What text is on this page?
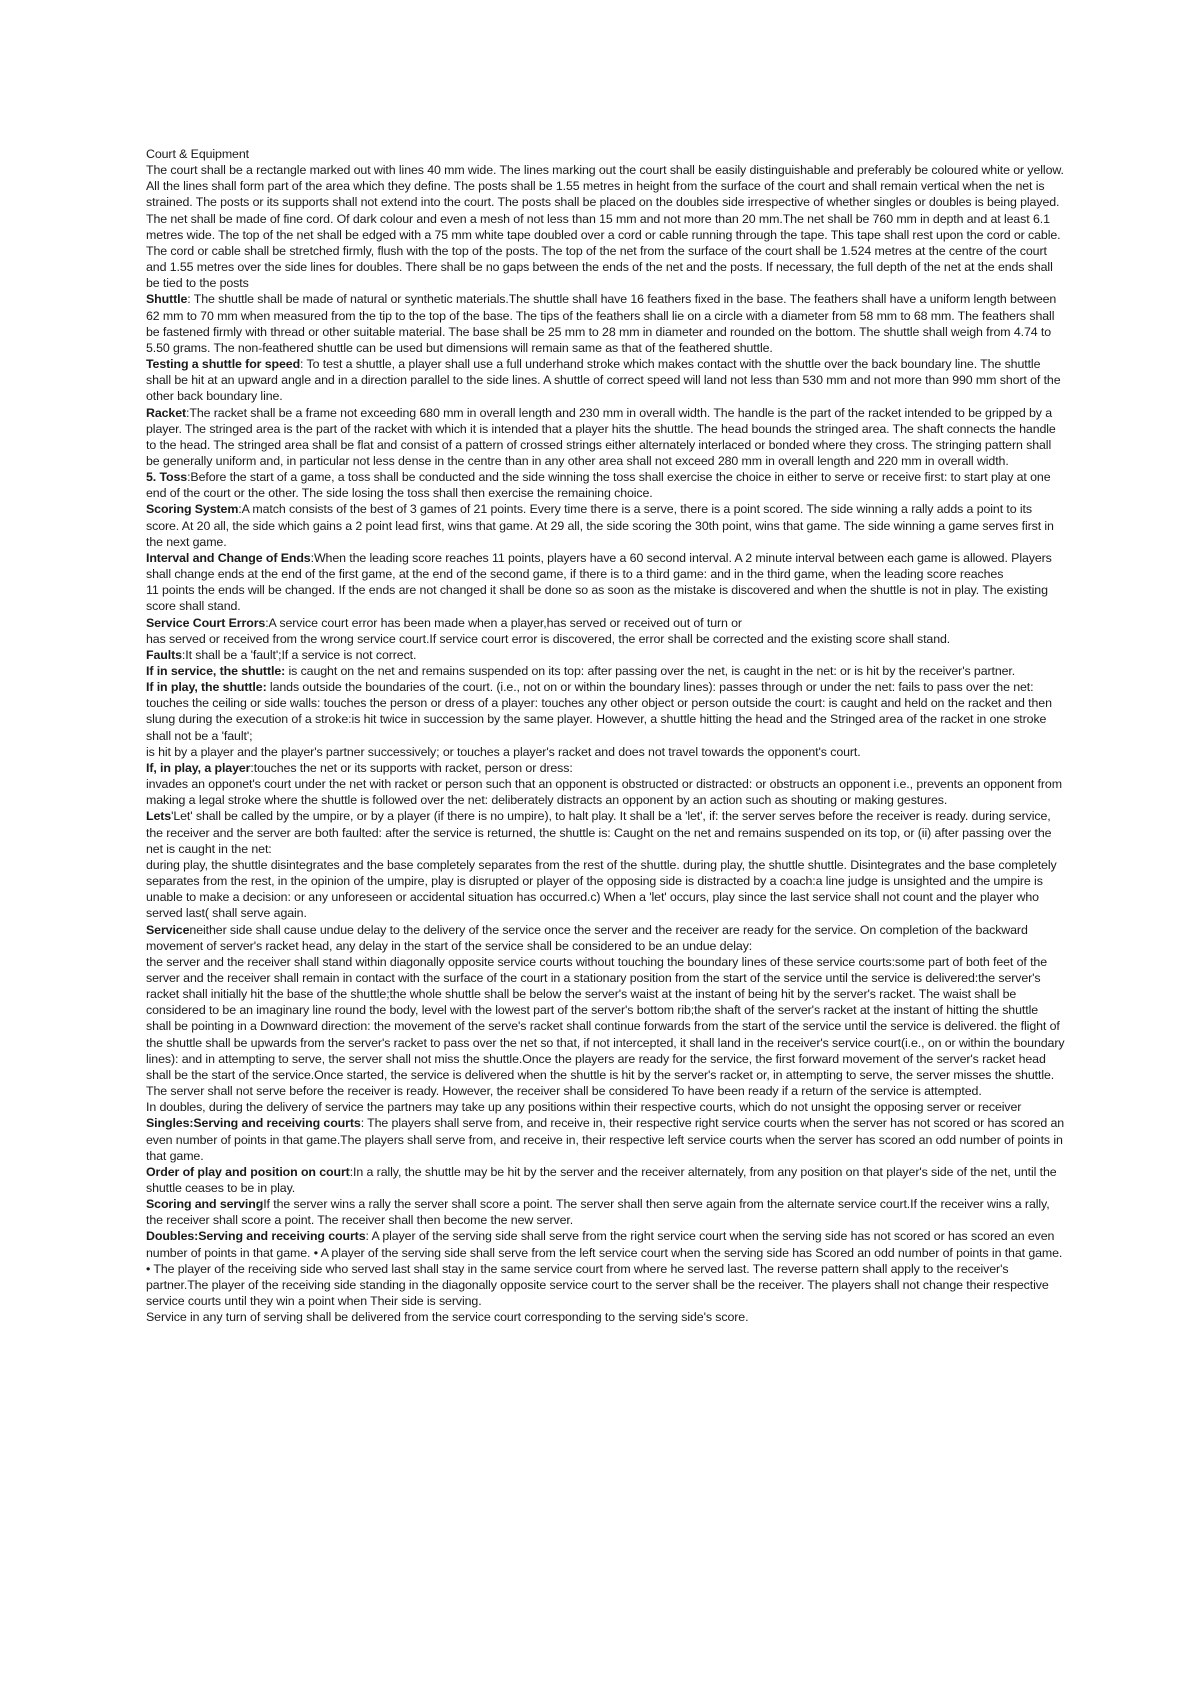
Court & Equipment

The court shall be a rectangle marked out with lines 40 mm wide. The lines marking out the court shall be easily distinguishable and preferably be coloured white or yellow. All the lines shall form part of the area which they define. The posts shall be 1.55 metres in height from the surface of the court and shall remain vertical when the net is strained. The posts or its supports shall not extend into the court. The posts shall be placed on the doubles side irrespective of whether singles or doubles is being played. The net shall be made of fine cord. Of dark colour and even a mesh of not less than 15 mm and not more than 20 mm.The net shall be 760 mm in depth and at least 6.1 metres wide. The top of the net shall be edged with a 75 mm white tape doubled over a cord or cable running through the tape. This tape shall rest upon the cord or cable. The cord or cable shall be stretched firmly, flush with the top of the posts. The top of the net from the surface of the court shall be 1.524 metres at the centre of the court and 1.55 metres over the side lines for doubles. There shall be no gaps between the ends of the net and the posts. If necessary, the full depth of the net at the ends shall be tied to the posts

Shuttle: The shuttle shall be made of natural or synthetic materials.The shuttle shall have 16 feathers fixed in the base. The feathers shall have a uniform length between 62 mm to 70 mm when measured from the tip to the top of the base. The tips of the feathers shall lie on a circle with a diameter from 58 mm to 68 mm. The feathers shall be fastened firmly with thread or other suitable material. The base shall be 25 mm to 28 mm in diameter and rounded on the bottom. The shuttle shall weigh from 4.74 to 5.50 grams. The non-feathered shuttle can be used but dimensions will remain same as that of the feathered shuttle.

Testing a shuttle for speed: To test a shuttle, a player shall use a full underhand stroke which makes contact with the shuttle over the back boundary line. The shuttle shall be hit at an upward angle and in a direction parallel to the side lines. A shuttle of correct speed will land not less than 530 mm and not more than 990 mm short of the other back boundary line.

Racket:The racket shall be a frame not exceeding 680 mm in overall length and 230 mm in overall width. The handle is the part of the racket intended to be gripped by a player. The stringed area is the part of the racket with which it is intended that a player hits the shuttle. The head bounds the stringed area. The shaft connects the handle to the head. The stringed area shall be flat and consist of a pattern of crossed strings either alternately interlaced or bonded where they cross. The stringing pattern shall be generally uniform and, in particular not less dense in the centre than in any other area shall not exceed 280 mm in overall length and 220 mm in overall width.

5. Toss:Before the start of a game, a toss shall be conducted and the side winning the toss shall exercise the choice in either to serve or receive first: to start play at one end of the court or the other. The side losing the toss shall then exercise the remaining choice.

Scoring System:A match consists of the best of 3 games of 21 points. Every time there is a serve, there is a point scored. The side winning a rally adds a point to its score. At 20 all, the side which gains a 2 point lead first, wins that game. At 29 all, the side scoring the 30th point, wins that game. The side winning a game serves first in the next game.

Interval and Change of Ends:When the leading score reaches 11 points, players have a 60 second interval. A 2 minute interval between each game is allowed. Players shall change ends at the end of the first game, at the end of the second game, if there is to a third game: and in the third game, when the leading score reaches

11 points the ends will be changed. If the ends are not changed it shall be done so as soon as the mistake is discovered and when the shuttle is not in play. The existing score shall stand.

Service Court Errors:A service court error has been made when a player,has served or received out of turn or

has served or received from the wrong service court.If service court error is discovered, the error shall be corrected and the existing score shall stand.

Faults:It shall be a 'fault';If a service is not correct.

If in service, the shuttle: is caught on the net and remains suspended on its top: after passing over the net, is caught in the net: or is hit by the receiver's partner.

If in play, the shuttle: lands outside the boundaries of the court. (i.e., not on or within the boundary lines): passes through or under the net: fails to pass over the net: touches the ceiling or side walls: touches the person or dress of a player: touches any other object or person outside the court: is caught and held on the racket and then slung during the execution of a stroke:is hit twice in succession by the same player. However, a shuttle hitting the head and the Stringed area of the racket in one stroke shall not be a 'fault';

is hit by a player and the player's partner successively; or touches a player's racket and does not travel towards the opponent's court.

If, in play, a player:touches the net or its supports with racket, person or dress:

invades an opponet's court under the net with racket or person such that an opponent is obstructed or distracted: or obstructs an opponent i.e., prevents an opponent from making a legal stroke where the shuttle is followed over the net: deliberately distracts an opponent by an action such as shouting or making gestures.

Lets'Let' shall be called by the umpire, or by a player (if there is no umpire), to halt play. It shall be a 'let', if: the server serves before the receiver is ready. during service, the receiver and the server are both faulted: after the service is returned, the shuttle is: Caught on the net and remains suspended on its top, or (ii) after passing over the net is caught in the net:

during play, the shuttle disintegrates and the base completely separates from the rest of the shuttle. during play, the shuttle shuttle. Disintegrates and the base completely separates from the rest, in the opinion of the umpire, play is disrupted or player of the opposing side is distracted by a coach:a line judge is unsighted and the umpire is unable to make a decision: or any unforeseen or accidental situation has occurred.c) When a 'let' occurs, play since the last service shall not count and the player who served last( shall serve again.

Serviceneither side shall cause undue delay to the delivery of the service once the server and the receiver are ready for the service. On completion of the backward movement of server's racket head, any delay in the start of the service shall be considered to be an undue delay:

the server and the receiver shall stand within diagonally opposite service courts without touching the boundary lines of these service courts:some part of both feet of the server and the receiver shall remain in contact with the surface of the court in a stationary position from the start of the service until the service is delivered:the server's racket shall initially hit the base of the shuttle;the whole shuttle shall be below the server's waist at the instant of being hit by the server's racket. The waist shall be considered to be an imaginary line round the body, level with the lowest part of the server's bottom rib;the shaft of the server's racket at the instant of hitting the shuttle shall be pointing in a Downward direction: the movement of the serve's racket shall continue forwards from the start of the service until the service is delivered. the flight of the shuttle shall be upwards from the server's racket to pass over the net so that, if not intercepted, it shall land in the receiver's service court(i.e., on or within the boundary lines): and in attempting to serve, the server shall not miss the shuttle.Once the players are ready for the service, the first forward movement of the server's racket head shall be the start of the service.Once started, the service is delivered when the shuttle is hit by the server's racket or, in attempting to serve, the server misses the shuttle.

The server shall not serve before the receiver is ready. However, the receiver shall be considered To have been ready if a return of the service is attempted.

In doubles, during the delivery of service the partners may take up any positions within their respective courts, which do not unsight the opposing server or receiver

Singles:Serving and receiving courts: The players shall serve from, and receive in, their respective right service courts when the server has not scored or has scored an even number of points in that game.The players shall serve from, and receive in, their respective left service courts when the server has scored an odd number of points in that game.

Order of play and position on court:In a rally, the shuttle may be hit by the server and the receiver alternately, from any position on that player's side of the net, until the shuttle ceases to be in play.

Scoring and servingIf the server wins a rally the server shall score a point. The server shall then serve again from the alternate service court.If the receiver wins a rally, the receiver shall score a point. The receiver shall then become the new server.

Doubles:Serving and receiving courts: A player of the serving side shall serve from the right service court when the serving side has not scored or has scored an even number of points in that game. • A player of the serving side shall serve from the left service court when the serving side has Scored an odd number of points in that game. • The player of the receiving side who served last shall stay in the same service court from where he served last. The reverse pattern shall apply to the receiver's partner.The player of the receiving side standing in the diagonally opposite service court to the server shall be the receiver. The players shall not change their respective service courts until they win a point when Their side is serving.

Service in any turn of serving shall be delivered from the service court corresponding to the serving side's score.
